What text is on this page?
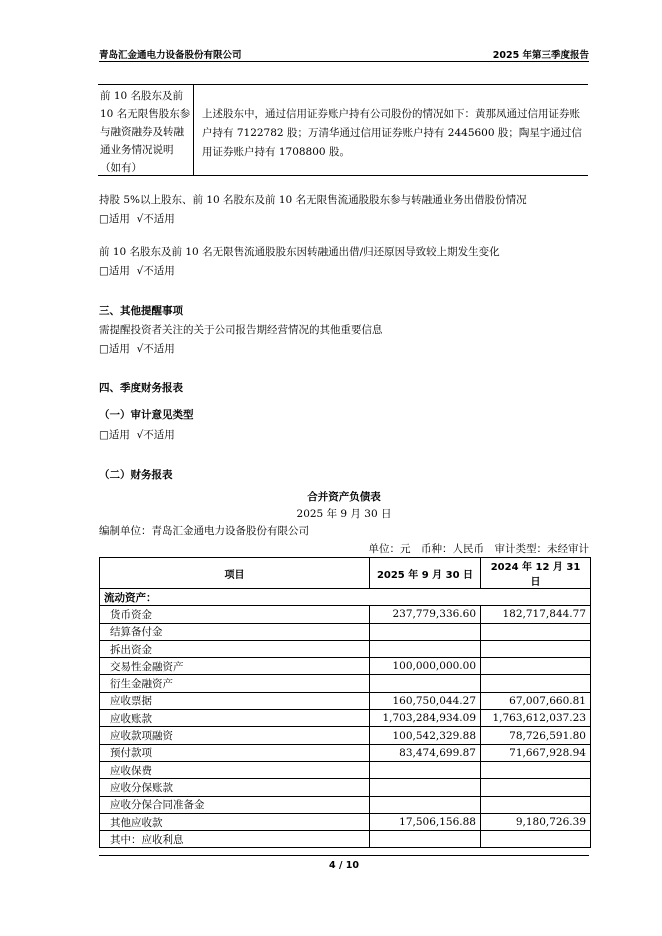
青岛汇金通电力设备股份有限公司	2025 年第三季度报告
前 10 名股东及前 10 名无限售股东参与融资融券及转融通业务情况说明（如有）
上述股东中，通过信用证券账户持有公司股份的情况如下：黄那凤通过信用证券账户持有 7122782 股；万清华通过信用证券账户持有 2445600 股；陶星宇通过信用证券账户持有 1708800 股。
持股 5%以上股东、前 10 名股东及前 10 名无限售流通股股东参与转融通业务出借股份情况
□适用 √不适用
前 10 名股东及前 10 名无限售流通股股东因转融通出借/归还原因导致较上期发生变化
□适用 √不适用
三、其他提醒事项
需提醒投资者关注的关于公司报告期经营情况的其他重要信息
□适用 √不适用
四、季度财务报表
（一）审计意见类型
□适用 √不适用
（二）财务报表
合并资产负债表
2025 年 9 月 30 日
编制单位：青岛汇金通电力设备股份有限公司
单位：元　币种：人民币　审计类型：未经审计
项目	2025 年 9 月 30 日	2024 年 12 月 31 日
流动资产：		
货币资金	237,779,336.60	182,717,844.77
结算备付金		
拆出资金		
交易性金融资产	100,000,000.00	
衍生金融资产		
应收票据	160,750,044.27	67,007,660.81
应收账款	1,703,284,934.09	1,763,612,037.23
应收款项融资	100,542,329.88	78,726,591.80
预付款项	83,474,699.87	71,667,928.94
应收保费		
应收分保账款		
应收分保合同准备金		
其他应收款	17,506,156.88	9,180,726.39
其中：应收利息		
4 / 10
